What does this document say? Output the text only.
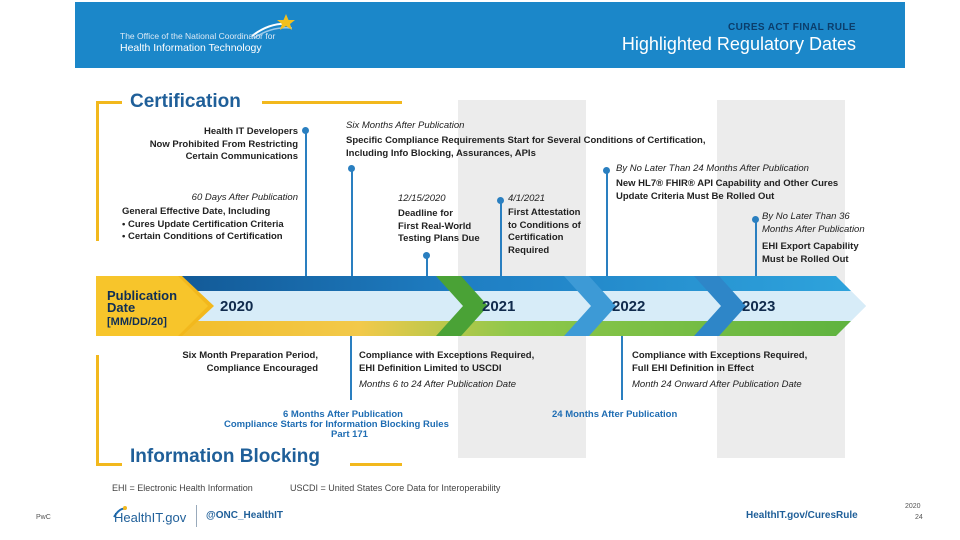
The Office of the National Coordinator for
Health Information Technology
CURES ACT FINAL RULE
Highlighted Regulatory Dates
Certification
Information Blocking
Publication
Date
[MM/DD/20]
2020	2021	2022	2023
Health IT Developers
Now Prohibited From Restricting
Certain Communications
60 Days After Publication
General Effective Date, Including
• Cures Update Certification Criteria
• Certain Conditions of Certification
Six Months After Publication
Specific Compliance Requirements Start for Several Conditions of Certification,
Including Info Blocking, Assurances, APIs
12/15/2020
Deadline for
First Real-World
Testing Plans Due
4/1/2021
First Attestation
to Conditions of
Certification
Required
By No Later Than 24 Months After Publication
New HL7® FHIR® API Capability and Other Cures
Update Criteria Must Be Rolled Out
By No Later Than 36
Months After Publication
EHI Export Capability
Must be Rolled Out
Six Month Preparation Period,
Compliance Encouraged
Compliance with Exceptions Required,
EHI Definition Limited to USCDI
Months 6 to 24 After Publication Date
Compliance with Exceptions Required,
Full EHI Definition in Effect
Month 24 Onward After Publication Date
6 Months After Publication
Compliance Starts for Information Blocking Rules
Part 171
24 Months After Publication
EHI = Electronic Health Information	USCDI = United States Core Data for Interoperability
PwC	HealthIT.gov @ONC_HealthIT	HealthIT.gov/CuresRule
2020
24
